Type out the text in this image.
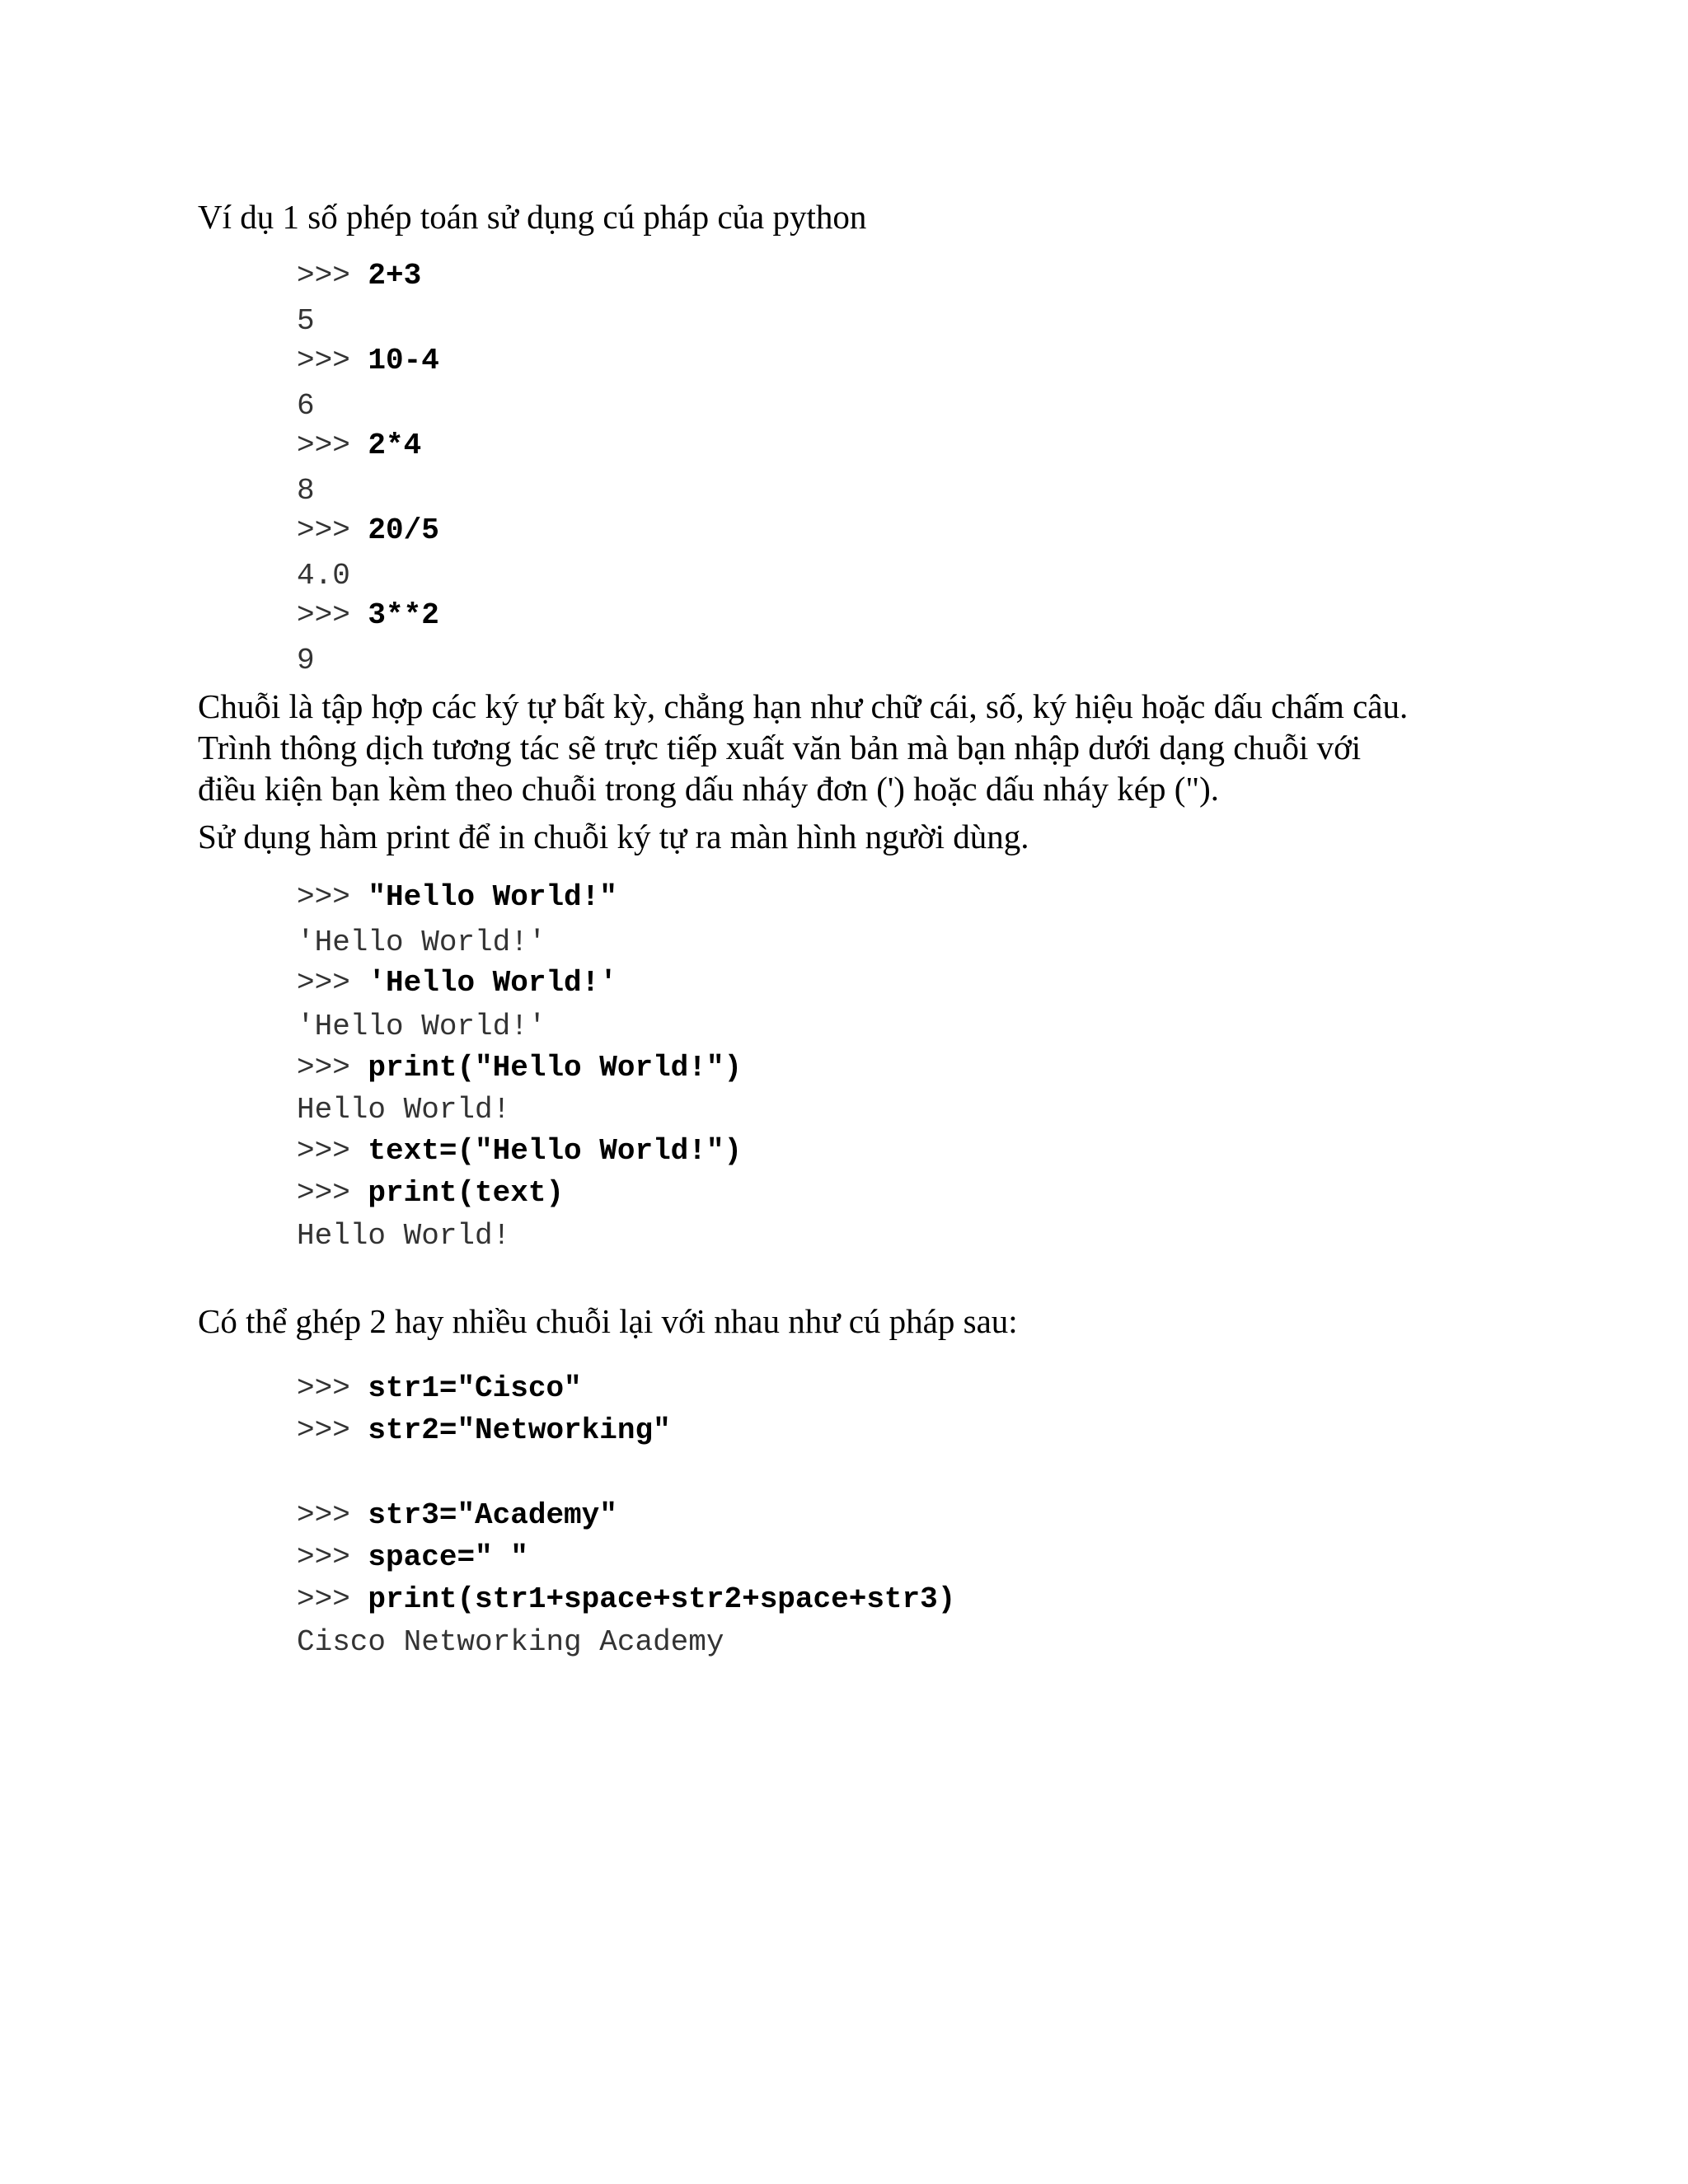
Ví dụ 1 số phép toán sử dụng cú pháp của python

>>> 2+3
5
>>> 10-4
6
>>> 2*4
8
>>> 20/5
4.0
>>> 3**2
9

Chuỗi là tập hợp các ký tự bất kỳ, chẳng hạn như chữ cái, số, ký hiệu hoặc dấu chấm câu.

Trình thông dịch tương tác sẽ trực tiếp xuất văn bản mà bạn nhập dưới dạng chuỗi với

điều kiện bạn kèm theo chuỗi trong dấu nháy đơn (') hoặc dấu nháy kép (").

Sử dụng hàm print để in chuỗi ký tự ra màn hình người dùng.

>>> "Hello World!"
'Hello World!'
>>> 'Hello World!'
'Hello World!'
>>> print("Hello World!")
Hello World!
>>> text=("Hello World!")
>>> print(text)
Hello World!

Có thể ghép 2 hay nhiều chuỗi lại với nhau như cú pháp sau:

>>> str1="Cisco"
>>> str2="Networking"
>>> str3="Academy"
>>> space=" "
>>> print(str1+space+str2+space+str3)
Cisco Networking Academy
